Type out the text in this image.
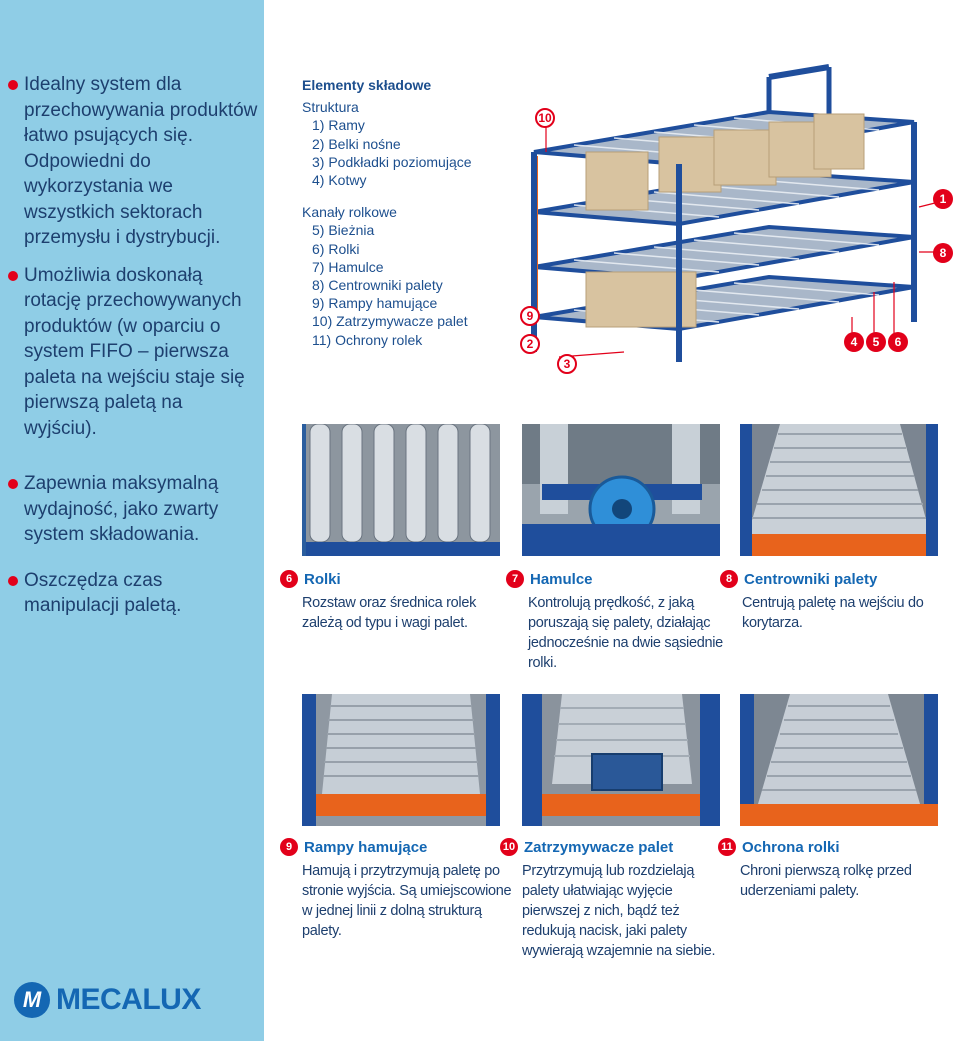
Idealny system dla przechowywania produktów łatwo psujących się. Odpowiedni do wykorzystania we wszystkich sektorach przemysłu i dystrybucji.
Umożliwia doskonałą rotację przechowywanych produktów (w oparciu o system FIFO – pierwsza paleta na wejściu staje się pierwszą paletą na wyjściu).
Zapewnia maksymalną wydajność, jako zwarty system składowania.
Oszczędza czas manipulacji paletą.
M MECALUX
Elementy składowe
Struktura
1) Ramy
2) Belki nośne
3) Podkładki poziomujące
4) Kotwy
Kanały rolkowe
5) Bieżnia
6) Rolki
7) Hamulce
8) Centrowniki palety
9) Rampy hamujące
10) Zatrzymywacze palet
11) Ochrony rolek
10
1
8
9
2
3
4	5	6
6 Rolki
Rozstaw oraz średnica rolek zależą od typu i wagi palet.
7 Hamulce
Kontrolują prędkość, z jaką poruszają się palety, działając jednocześnie na dwie sąsiednie rolki.
8 Centrowniki palety
Centrują paletę na wejściu do korytarza.
9 Rampy hamujące
Hamują i przytrzymują paletę po stronie wyjścia. Są umiejscowione w jednej linii z dolną strukturą palety.
10 Zatrzymywacze palet
Przytrzymują lub rozdzielają palety ułatwiając wyjęcie pierwszej z nich, bądź też redukują nacisk, jaki palety wywierają wzajemnie na siebie.
11 Ochrona rolki
Chroni pierwszą rolkę przed uderzeniami palety.
